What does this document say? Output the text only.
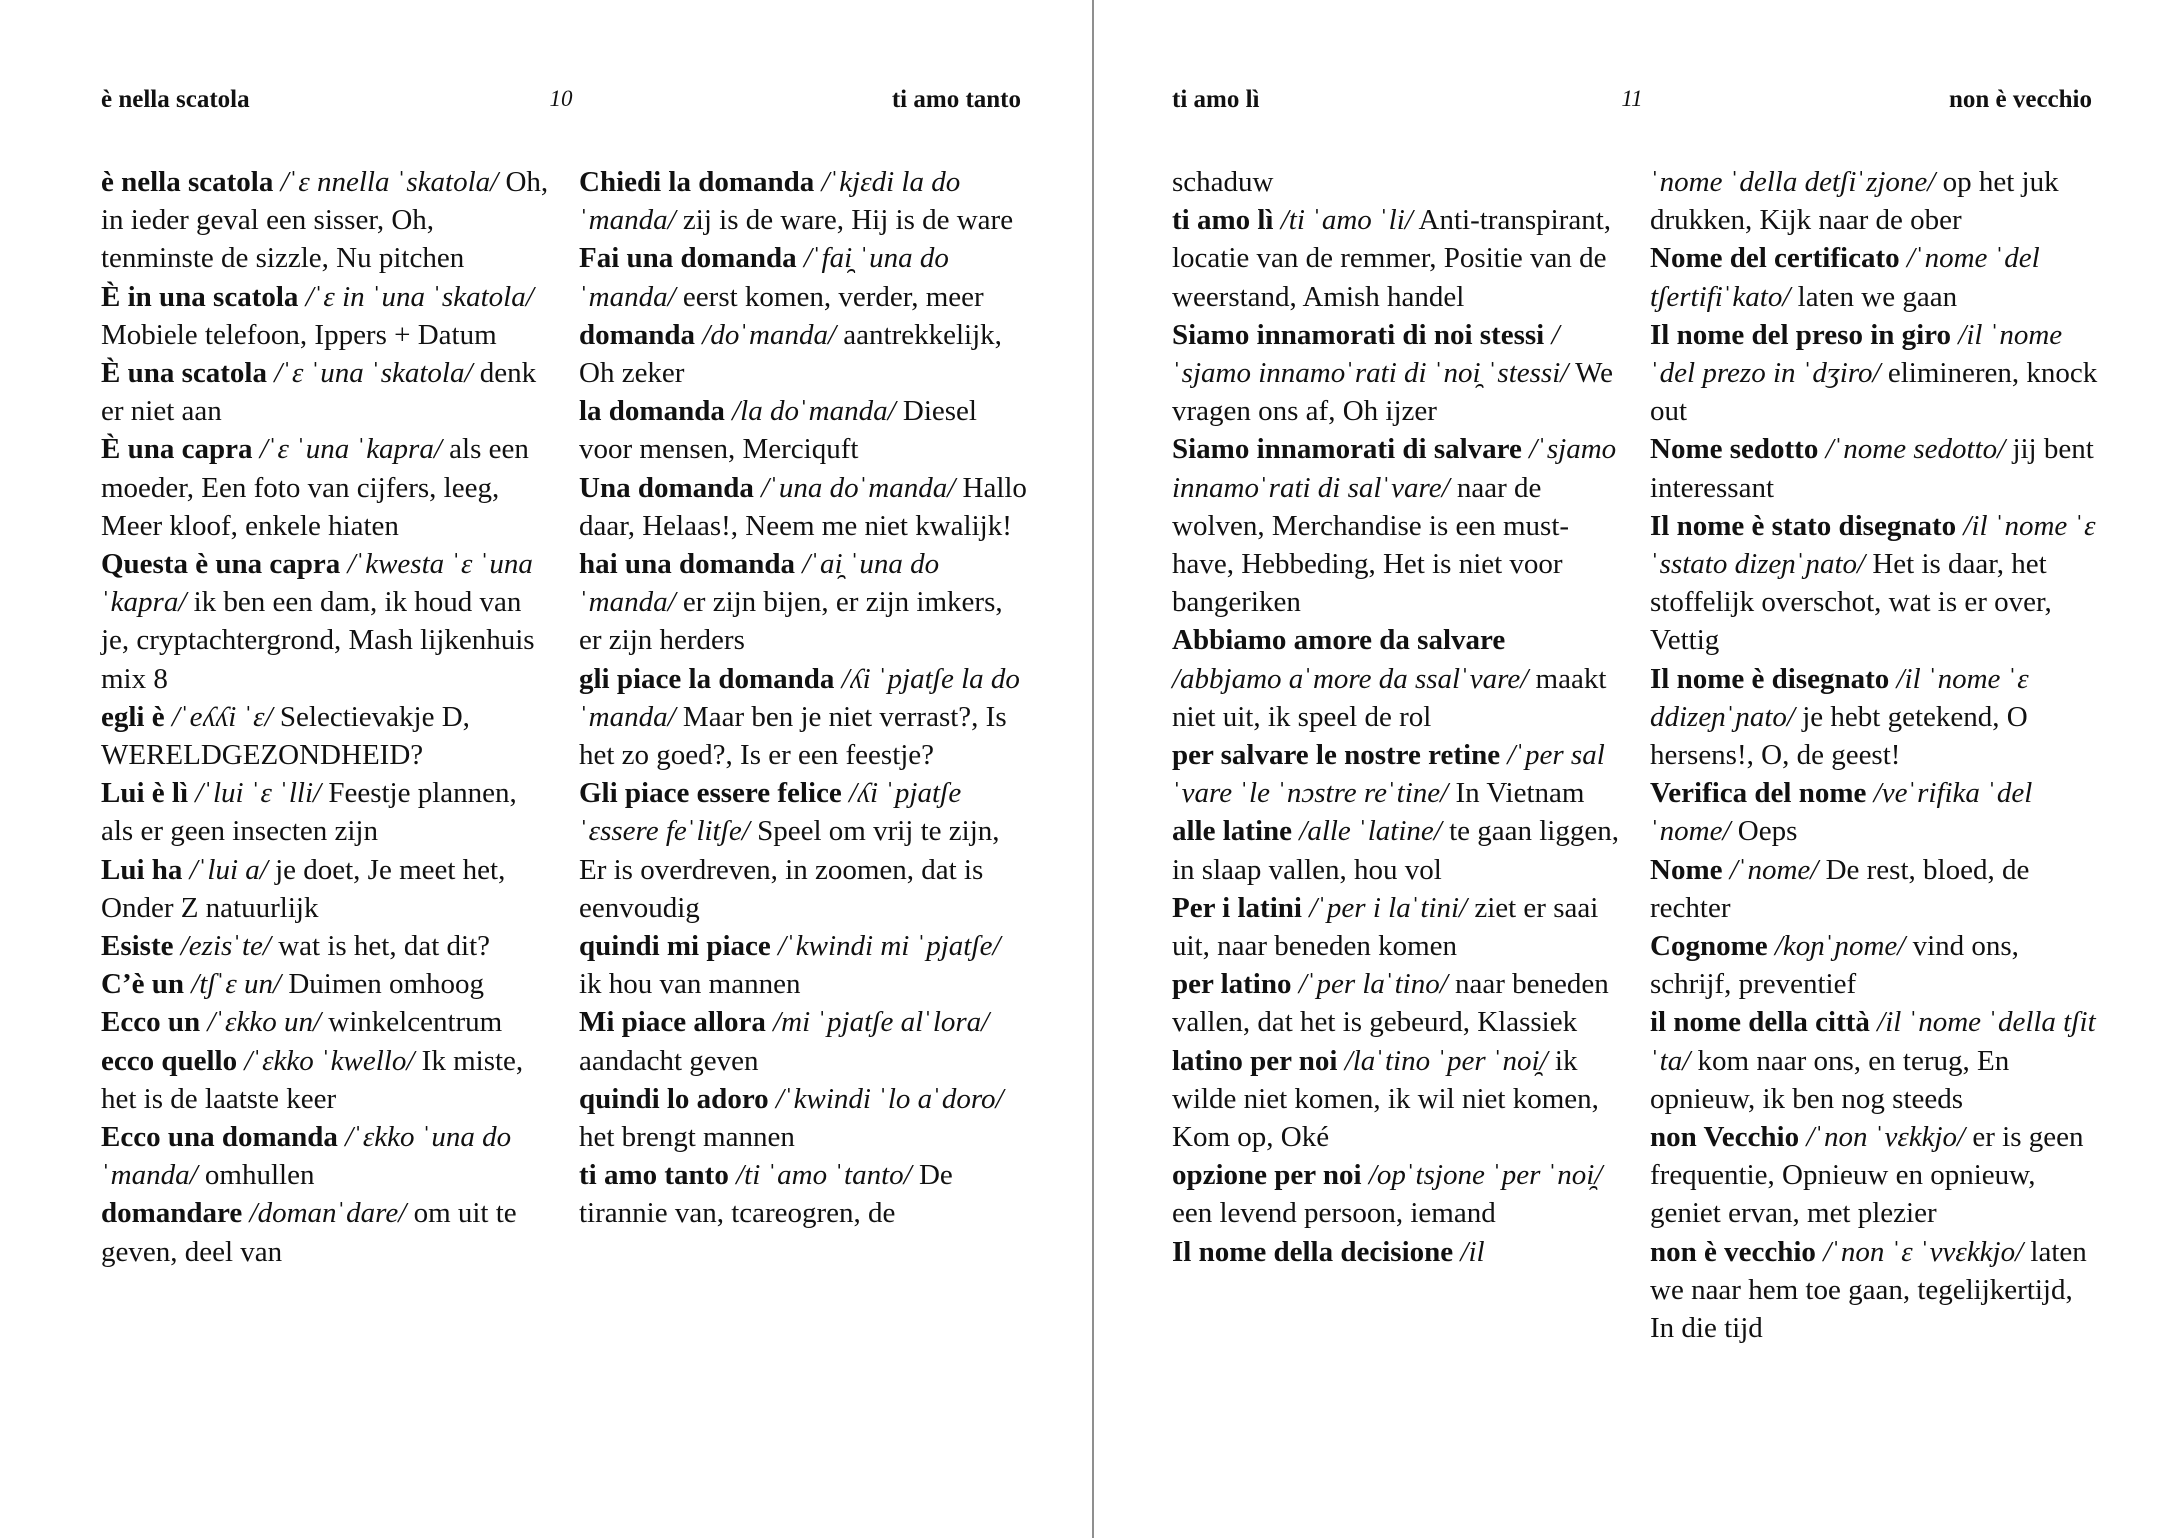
è nella scatola	10	ti amo tanto
è nella scatola /ˈɛ nnella ˈskatola/ Oh, in ieder geval een sisser, Oh, tenminste de sizzle, Nu pitchen
È in una scatola /ˈɛ in ˈuna ˈskatola/ Mobiele telefoon, Ippers + Datum
È una scatola /ˈɛ ˈuna ˈskatola/ denk er niet aan
È una capra /ˈɛ ˈuna ˈkapra/ als een moeder, Een foto van cijfers, leeg, Meer kloof, enkele hiaten
Questa è una capra /ˈkwesta ˈɛ ˈuna ˈkapra/ ik ben een dam, ik houd van je, cryptachtergrond, Mash lijkenhuis mix 8
egli è /ˈeʎʎi ˈɛ/ Selectievakje D, WERELDGEZONDHEID?
Lui è lì /ˈlui ˈɛ ˈlli/ Feestje plannen, als er geen insecten zijn
Lui ha /ˈlui a/ je doet, Je meet het, Onder Z natuurlijk
Esiste /ezisˈte/ wat is het, dat dit?
C’è un /tʃˈɛ un/ Duimen omhoog
Ecco un /ˈɛkko un/ winkelcentrum
ecco quello /ˈɛkko ˈkwello/ Ik miste, het is de laatste keer
Ecco una domanda /ˈɛkko ˈuna doˈmanda/ omhullen
domandare /domanˈdare/ om uit te geven, deel van
Chiedi la domanda /ˈkjɛdi la doˈmanda/ zij is de ware, Hij is de ware
Fai una domanda /ˈfai̯ ˈuna doˈmanda/ eerst komen, verder, meer
domanda /doˈmanda/ aantrekkelijk, Oh zeker
la domanda /la doˈmanda/ Diesel voor mensen, Merciquft
Una domanda /ˈuna doˈmanda/ Hallo daar, Helaas!, Neem me niet kwalijk!
hai una domanda /ˈai̯ ˈuna doˈmanda/ er zijn bijen, er zijn imkers, er zijn herders
gli piace la domanda /ʎi ˈpjatʃe la doˈmanda/ Maar ben je niet verrast?, Is het zo goed?, Is er een feestje?
Gli piace essere felice /ʎi ˈpjatʃe ˈɛssere feˈlitʃe/ Speel om vrij te zijn, Er is overdreven, in zoomen, dat is eenvoudig
quindi mi piace /ˈkwindi mi ˈpjatʃe/ ik hou van mannen
Mi piace allora /mi ˈpjatʃe alˈlora/ aandacht geven
quindi lo adoro /ˈkwindi ˈlo aˈdoro/ het brengt mannen
ti amo tanto /ti ˈamo ˈtanto/ De tirannie van, tcareogren, de
ti amo lì	11	non è vecchio
schaduw
ti amo lì /ti ˈamo ˈli/ Anti-transpirant, locatie van de remmer, Positie van de weerstand, Amish handel
Siamo innamorati di noi stessi /ˈsjamo innamoˈrati di ˈnoi̯ ˈstessi/ We vragen ons af, Oh ijzer
Siamo innamorati di salvare /ˈsjamo innamoˈrati di salˈvare/ naar de wolven, Merchandise is een must-have, Hebbeding, Het is niet voor bangeriken
Abbiamo amore da salvare /abbjamo aˈmore da ssalˈvare/ maakt niet uit, ik speel de rol
per salvare le nostre retine /ˈper salˈvare ˈle ˈnɔstre reˈtine/ In Vietnam
alle latine /alle ˈlatine/ te gaan liggen, in slaap vallen, hou vol
Per i latini /ˈper i laˈtini/ ziet er saai uit, naar beneden komen
per latino /ˈper laˈtino/ naar beneden vallen, dat het is gebeurd, Klassiek
latino per noi /laˈtino ˈper ˈnoi̯/ ik wilde niet komen, ik wil niet komen, Kom op, Oké
opzione per noi /opˈtsjone ˈper ˈnoi̯/ een levend persoon, iemand
Il nome della decisione /il
ˈnome ˈdella detʃiˈzjone/ op het juk drukken, Kijk naar de ober
Nome del certificato /ˈnome ˈdel tʃertifiˈkato/ laten we gaan
Il nome del preso in giro /il ˈnome ˈdel prezo in ˈdʒiro/ elimineren, knock out
Nome sedotto /ˈnome sedotto/ jij bent interessant
Il nome è stato disegnato /il ˈnome ˈɛ ˈsstato dizeɲˈɲato/ Het is daar, het stoffelijk overschot, wat is er over, Vettig
Il nome è disegnato /il ˈnome ˈɛ ddizeɲˈɲato/ je hebt getekend, O hersens!, O, de geest!
Verifica del nome /veˈrifika ˈdel ˈnome/ Oeps
Nome /ˈnome/ De rest, bloed, de rechter
Cognome /koɲˈɲome/ vind ons, schrijf, preventief
il nome della città /il ˈnome ˈdella tʃitˈta/ kom naar ons, en terug, En opnieuw, ik ben nog steeds
non Vecchio /ˈnon ˈvɛkkjo/ er is geen frequentie, Opnieuw en opnieuw, geniet ervan, met plezier
non è vecchio /ˈnon ˈɛ ˈvvɛkkjo/ laten we naar hem toe gaan, tegelijkertijd, In die tijd
